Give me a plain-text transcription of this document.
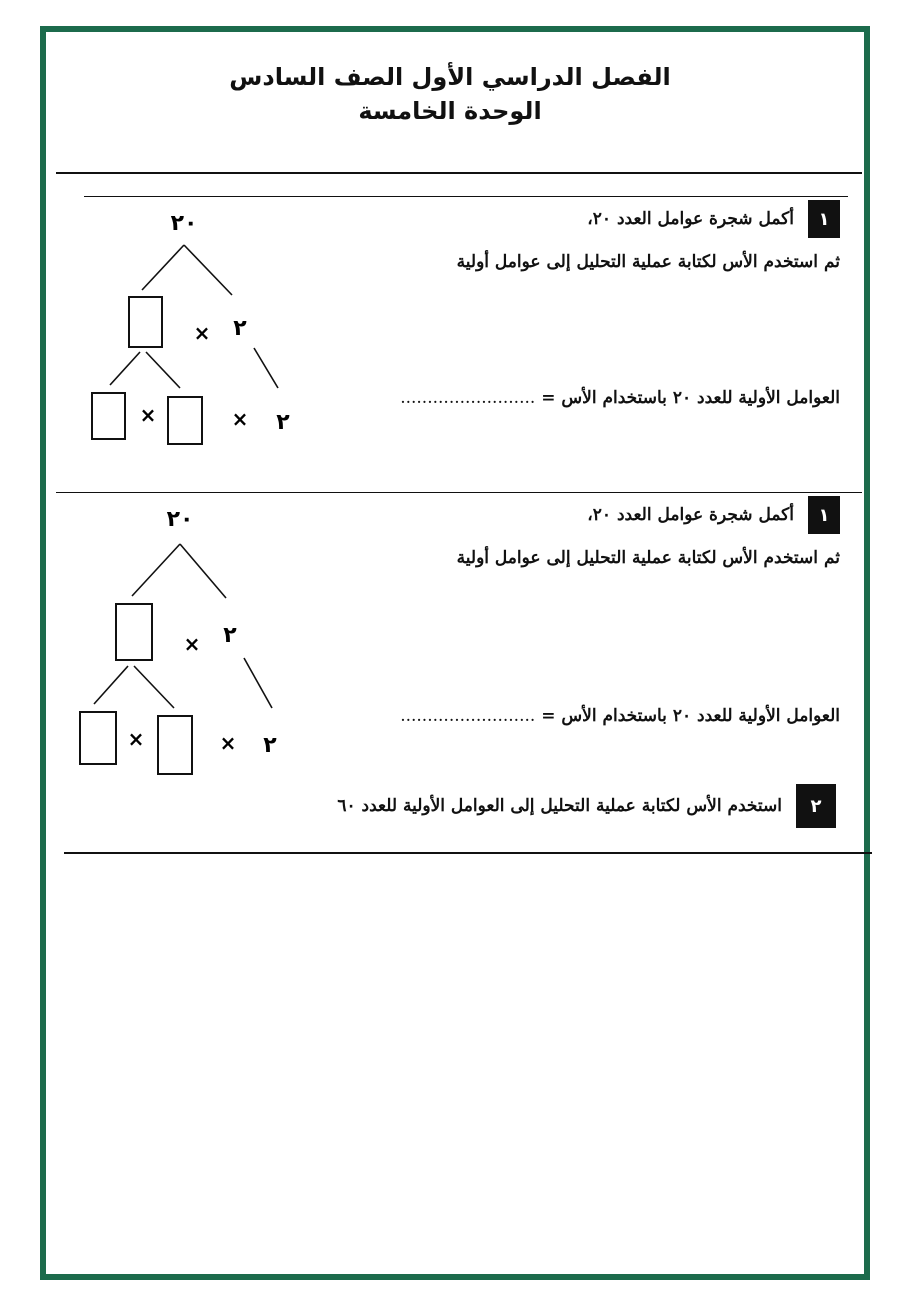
الفصل الدراسي الأول الصف السادس
الوحدة الخامسة
١
أكمل شجرة عوامل العدد ٢٠،
ثم استخدم الأس لكتابة عملية التحليل إلى عوامل أولية
العوامل الأولية للعدد ٢٠ باستخدام الأس = .........................
٢٠
× ٢
×	× ٢
١
أكمل شجرة عوامل العدد ٢٠،
ثم استخدم الأس لكتابة عملية التحليل إلى عوامل أولية
العوامل الأولية للعدد ٢٠ باستخدام الأس = .........................
٢٠
× ٢
×	× ٢
٢
استخدم الأس لكتابة عملية التحليل إلى العوامل الأولية للعدد ٦٠
